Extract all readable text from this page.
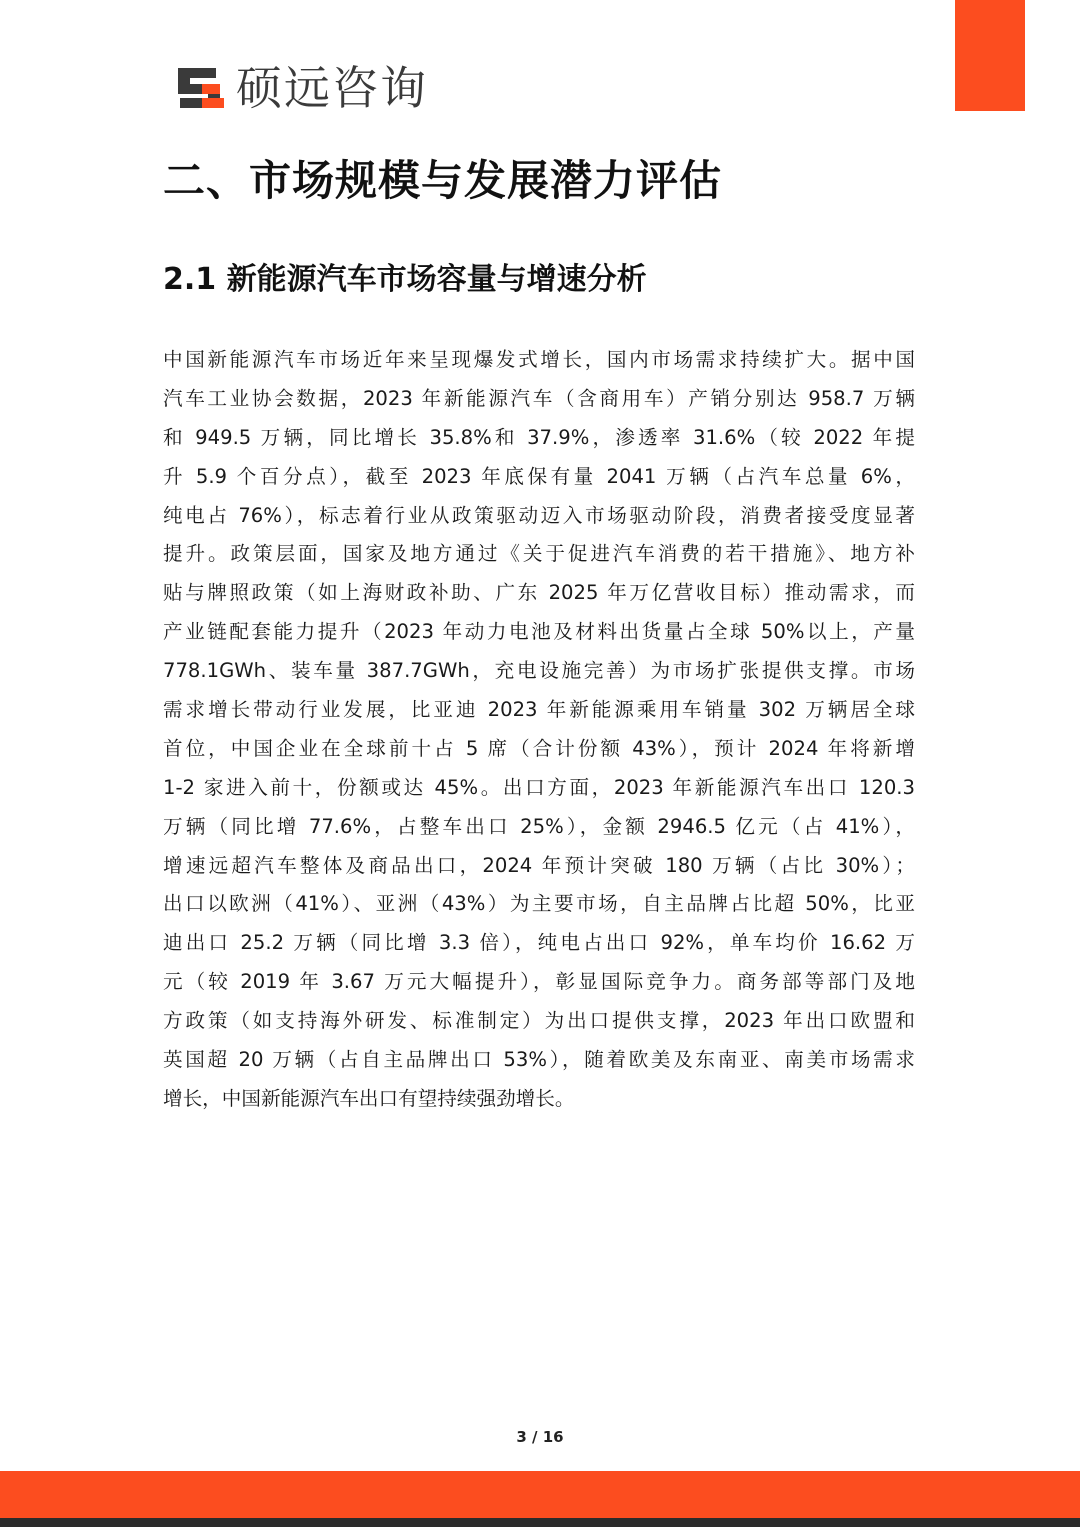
硕远咨询
二、市场规模与发展潜力评估
2.1 新能源汽车市场容量与增速分析
中国新能源汽车市场近年来呈现爆发式增长，国内市场需求持续扩大。据中国
汽车工业协会数据，2023 年新能源汽车（含商用车）产销分别达 958.7 万辆
和 949.5 万辆，同比增长 35.8%和 37.9%，渗透率 31.6%（较 2022 年提
升 5.9 个百分点），截至 2023 年底保有量 2041 万辆（占汽车总量 6%，
纯电占 76%），标志着行业从政策驱动迈入市场驱动阶段，消费者接受度显著
提升。政策层面，国家及地方通过《关于促进汽车消费的若干措施》、地方补
贴与牌照政策（如上海财政补助、广东 2025 年万亿营收目标）推动需求，而
产业链配套能力提升（2023 年动力电池及材料出货量占全球 50%以上，产量
778.1GWh、装车量 387.7GWh，充电设施完善）为市场扩张提供支撑。市场
需求增长带动行业发展，比亚迪 2023 年新能源乘用车销量 302 万辆居全球
首位，中国企业在全球前十占 5 席（合计份额 43%），预计 2024 年将新增
1-2 家进入前十，份额或达 45%。出口方面，2023 年新能源汽车出口 120.3
万辆（同比增 77.6%，占整车出口 25%），金额 2946.5 亿元（占 41%），
增速远超汽车整体及商品出口，2024 年预计突破 180 万辆（占比 30%）；
出口以欧洲（41%）、亚洲（43%）为主要市场，自主品牌占比超 50%，比亚
迪出口 25.2 万辆（同比增 3.3 倍），纯电占出口 92%，单车均价 16.62 万
元（较 2019 年 3.67 万元大幅提升），彰显国际竞争力。商务部等部门及地
方政策（如支持海外研发、标准制定）为出口提供支撑，2023 年出口欧盟和
英国超 20 万辆（占自主品牌出口 53%），随着欧美及东南亚、南美市场需求
增长，中国新能源汽车出口有望持续强劲增长。
3 / 16
